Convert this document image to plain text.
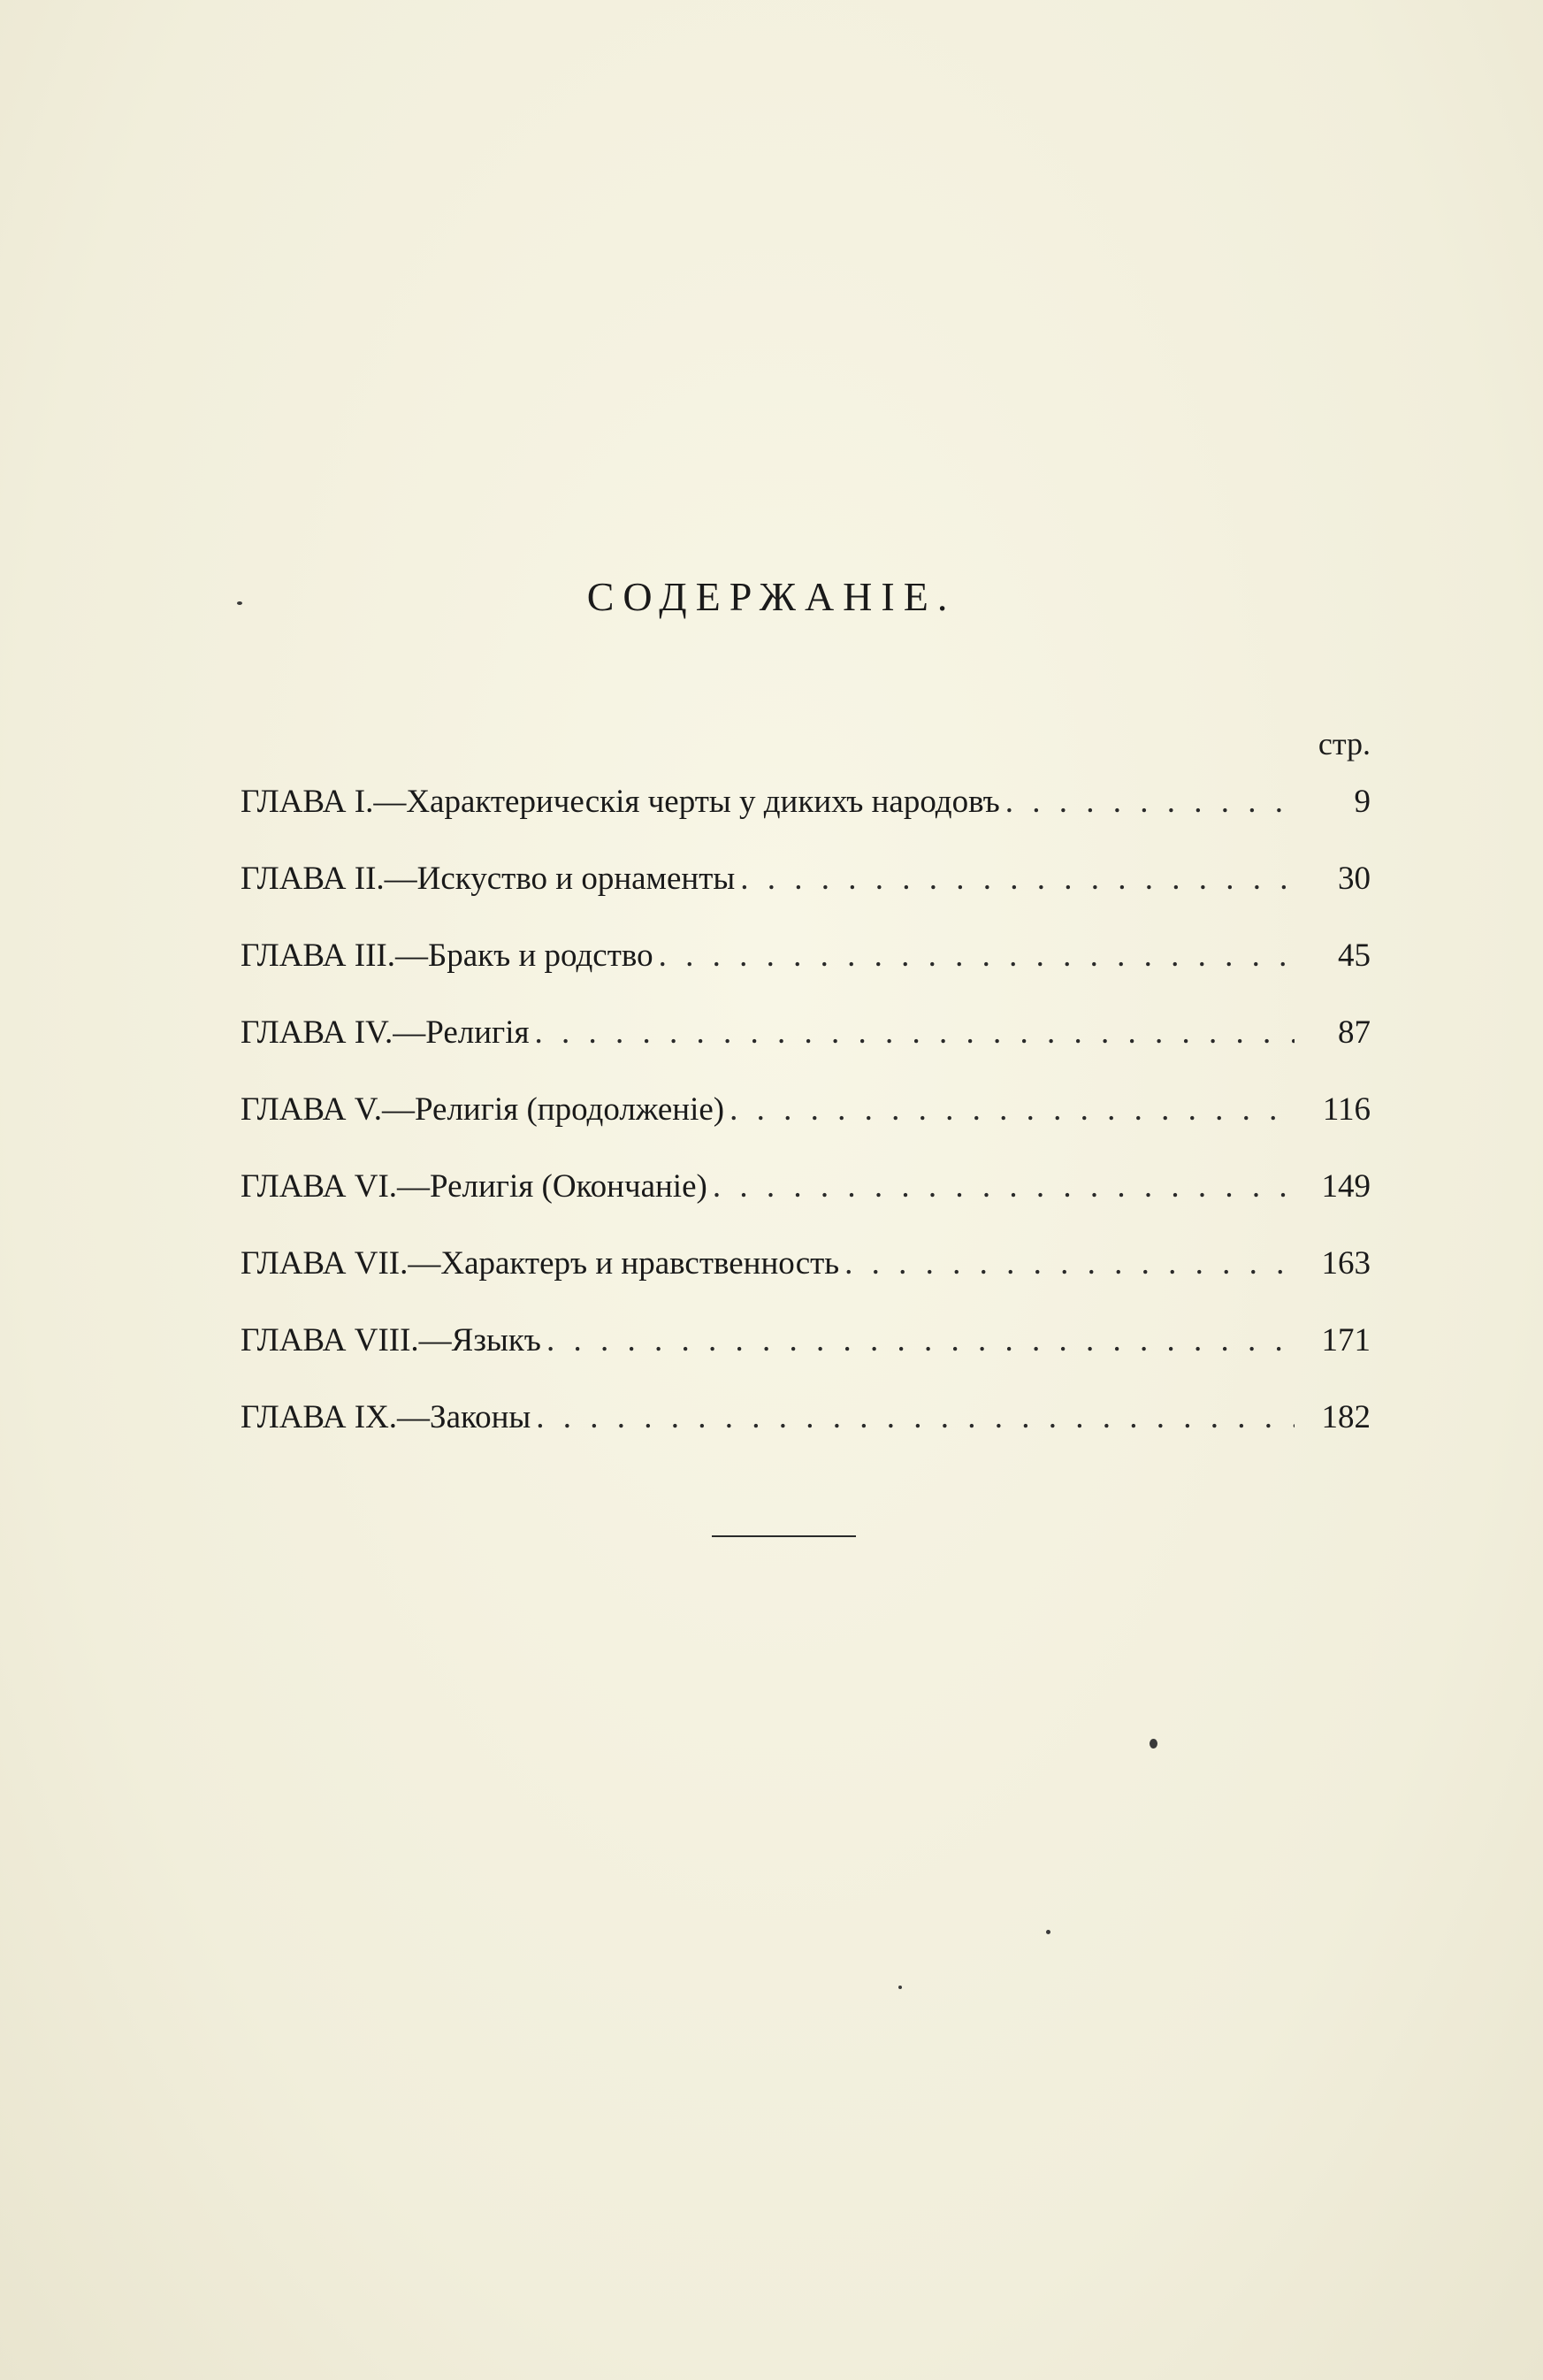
СОДЕРЖАНІЕ.
стр.
ГЛАВА I.—Характерическія черты у дикихъ народовъ . . .	9
ГЛАВА II.—Искуство и орнаменты . . .	30
ГЛАВА III.—Бракъ и родство . . .	45
ГЛАВА IV.—Религія . . .	87
ГЛАВА V.—Религія (продолженіе) . . .	116
ГЛАВА VI.—Религія (Окончаніе) . . .	149
ГЛАВА VII.—Характеръ и нравственность . . .	163
ГЛАВА VIII.—Языкъ . . .	171
ГЛАВА IX.—Законы . . .	182
